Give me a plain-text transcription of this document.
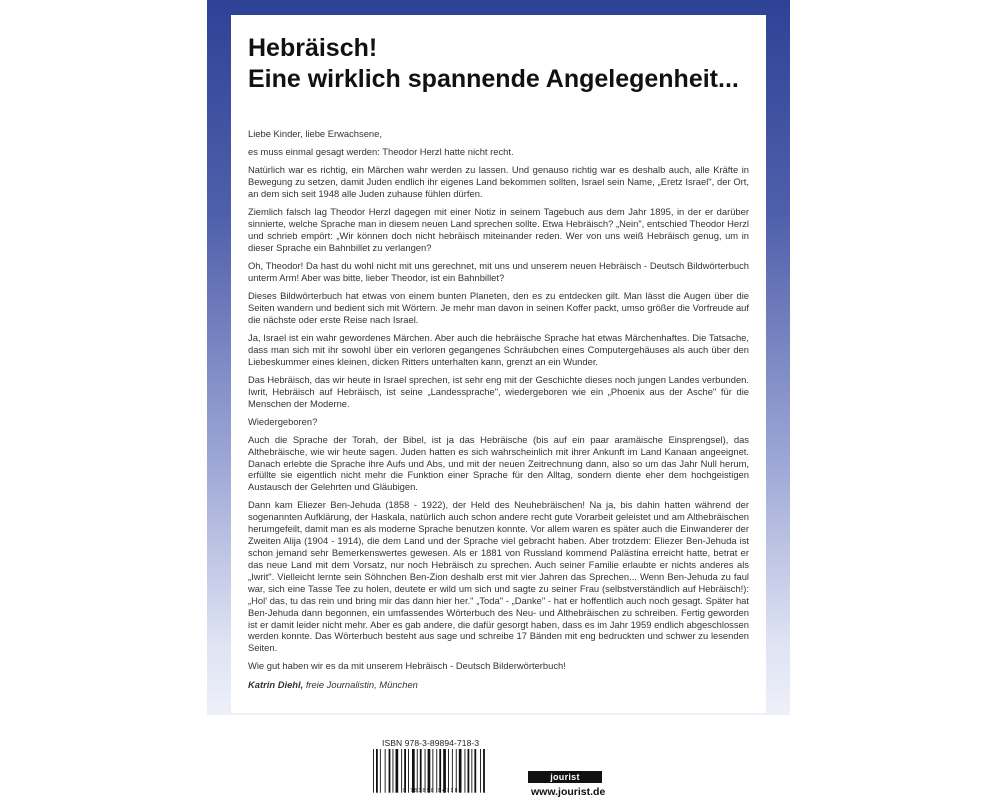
Hebräisch!
Eine wirklich spannende Angelegenheit...

Liebe Kinder, liebe Erwachsene,

es muss einmal gesagt werden: Theodor Herzl hatte nicht recht.

Natürlich war es richtig, ein Märchen wahr werden zu lassen. Und genauso richtig war es deshalb auch, alle Kräfte in Bewegung zu setzen, damit Juden endlich ihr eigenes Land bekommen sollten, Israel sein Name, „Eretz Israel", der Ort, an dem sich seit 1948 alle Juden zuhause fühlen dürfen.

Ziemlich falsch lag Theodor Herzl dagegen mit einer Notiz in seinem Tagebuch aus dem Jahr 1895, in der er darüber sinnierte, welche Sprache man in diesem neuen Land sprechen sollte. Etwa Hebräisch? „Nein", entschied Theodor Herzl und schrieb empört: „Wir können doch nicht hebräisch miteinander reden. Wer von uns weiß Hebräisch genug, um in dieser Sprache ein Bahnbillet zu verlangen?

Oh, Theodor! Da hast du wohl nicht mit uns gerechnet, mit uns und unserem neuen Hebräisch - Deutsch Bildwörterbuch unterm Arm! Aber was bitte, lieber Theodor, ist ein Bahnbillet?

Dieses Bildwörterbuch hat etwas von einem bunten Planeten, den es zu entdecken gilt. Man lässt die Augen über die Seiten wandern und bedient sich mit Wörtern. Je mehr man davon in seinen Koffer packt, umso größer die Vorfreude auf die nächste oder erste Reise nach Israel.

Ja, Israel ist ein wahr gewordenes Märchen. Aber auch die hebräische Sprache hat etwas Märchenhaftes. Die Tatsache, dass man sich mit ihr sowohl über ein verloren gegangenes Schräubchen eines Computergehäuses als auch über den Liebeskummer eines kleinen, dicken Ritters unterhalten kann, grenzt an ein Wunder.

Das Hebräisch, das wir heute in Israel sprechen, ist sehr eng mit der Geschichte dieses noch jungen Landes verbunden. Iwrit, Hebräisch auf Hebräisch, ist seine „Landessprache", wiedergeboren wie ein „Phoenix aus der Asche" für die Menschen der Moderne.

Wiedergeboren?

Auch die Sprache der Torah, der Bibel, ist ja das Hebräische (bis auf ein paar aramäische Einsprengsel), das Althebräische, wie wir heute sagen. Juden hatten es sich wahrscheinlich mit ihrer Ankunft im Land Kanaan angeeignet. Danach erlebte die Sprache ihre Aufs und Abs, und mit der neuen Zeitrechnung dann, also so um das Jahr Null herum, erfüllte sie eigentlich nicht mehr die Funktion einer Sprache für den Alltag, sondern diente eher dem hochgeistigen Austausch der Gelehrten und Gläubigen.

Dann kam Eliezer Ben-Jehuda (1858 - 1922), der Held des Neuhebräischen! Na ja, bis dahin hatten während der sogenannten Aufklärung, der Haskala, natürlich auch schon andere recht gute Vorarbeit geleistet und am Althebräischen herumgefeilt, damit man es als moderne Sprache benutzen konnte. Vor allem waren es später auch die Einwanderer der Zweiten Alija (1904 - 1914), die dem Land und der Sprache viel gebracht haben. Aber trotzdem: Eliezer Ben-Jehuda ist schon jemand sehr Bemerkenswertes gewesen. Als er 1881 von Russland kommend Palästina erreicht hatte, betrat er das neue Land mit dem Vorsatz, nur noch Hebräisch zu sprechen. Auch seiner Familie erlaubte er nichts anderes als „Iwrit". Vielleicht lernte sein Söhnchen Ben-Zion deshalb erst mit vier Jahren das Sprechen... Wenn Ben-Jehuda zu faul war, sich eine Tasse Tee zu holen, deutete er wild um sich und sagte zu seiner Frau (selbstverständlich auf Hebräisch!): „Hol' das, tu das rein und bring mir das dann hier her." „Toda" - „Danke" - hat er hoffentlich auch noch gesagt. Später hat Ben-Jehuda dann begonnen, ein umfassendes Wörterbuch des Neu- und Althebräischen zu schreiben. Fertig geworden ist er damit leider nicht mehr. Aber es gab andere, die dafür gesorgt haben, dass es im Jahr 1959 endlich abgeschlossen werden konnte. Das Wörterbuch besteht aus sage und schreibe 17 Bänden mit eng bedruckten und schwer zu lesenden Seiten.

Wie gut haben wir es da mit unserem Hebräisch - Deutsch Bilderwörterbuch!

Katrin Diehl, freie Journalistin, München
ISBN 978-3-89894-718-3
9 783898 947183
jourist
www.jourist.de
